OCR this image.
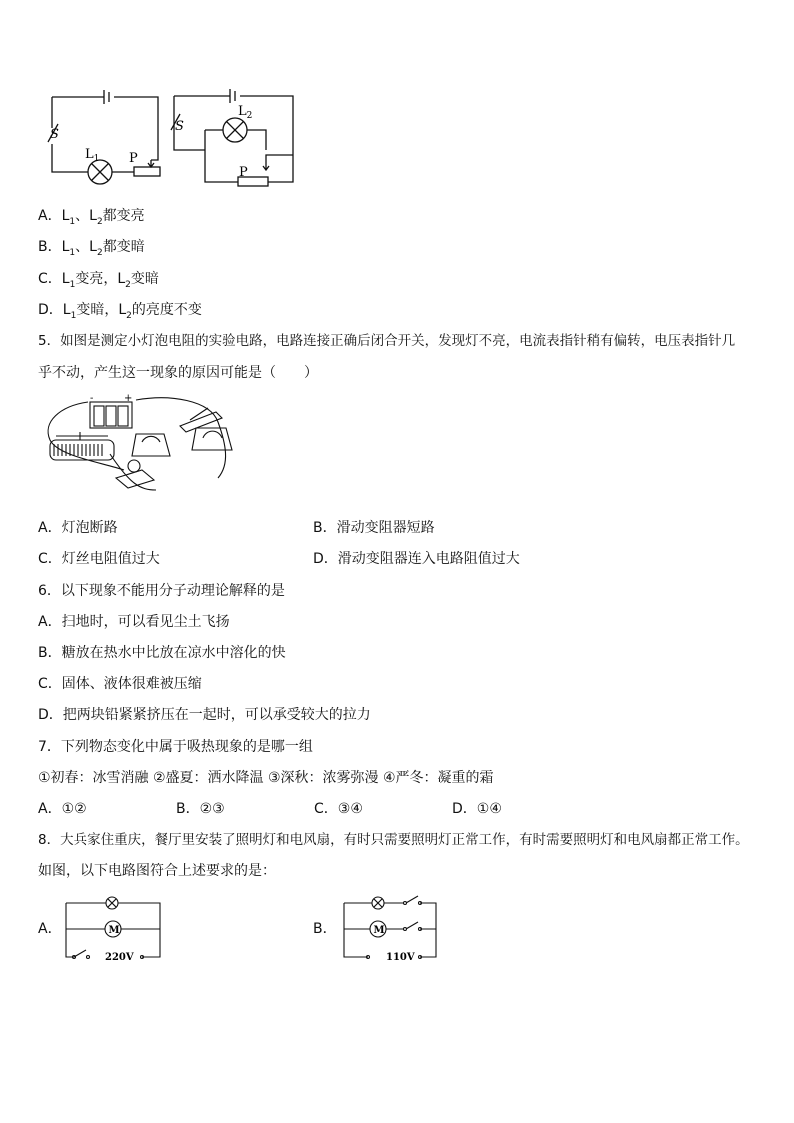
S
S
$L_1$
$L_2$
P
P
A．$L_1$、$L_2$都变亮
B．$L_1$、$L_2$都变暗
C．$L_1$变亮，$L_2$变暗
D．$L_1$变暗，$L_2$的亮度不变
5．如图是测定小灯泡电阻的实验电路，电路连接正确后闭合开关，发现灯不亮，电流表指针稍有偏转，电压表指针几
乎不动，产生这一现象的原因可能是（　　）
+
-
A．灯泡断路	B．滑动变阻器短路
C．灯丝电阻值过大	D．滑动变阻器连入电路阻值过大
6．以下现象不能用分子动理论解释的是
A．扫地时，可以看见尘土飞扬
B．糖放在热水中比放在凉水中溶化的快
C．固体、液体很难被压缩
D．把两块铅紧紧挤压在一起时，可以承受较大的拉力
7．下列物态变化中属于吸热现象的是哪一组
①初春：冰雪消融 ②盛夏：洒水降温 ③深秋：浓雾弥漫 ④严冬：凝重的霜
A．①②	B．②③	C．③④	D．①④
8．大兵家住重庆，餐厅里安装了照明灯和电风扇，有时只需要照明灯正常工作，有时需要照明灯和电风扇都正常工作。
如图，以下电路图符合上述要求的是：
A．	M
220V
B．	M
110V
